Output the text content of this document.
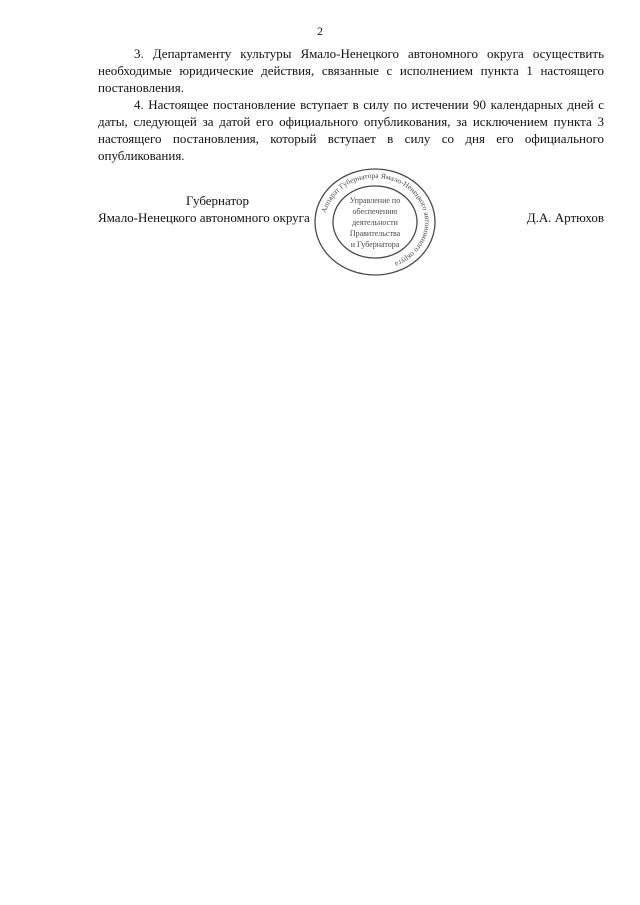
2

3. Департаменту культуры Ямало-Ненецкого автономного округа осуществить необходимые юридические действия, связанные с исполнением пункта 1 настоящего постановления.

4. Настоящее постановление вступает в силу по истечении 90 календарных дней с даты, следующей за датой его официального опубликования, за исключением пункта 3 настоящего постановления, который вступает в силу со дня его официального опубликования.

Губернатор
Ямало-Ненецкого автономного округа	Д.А. Артюхов
Аппарат Губернатора Ямало-Ненецкого автономного округа
Управление по
обеспечению
деятельности
Правительства
и Губернатора
